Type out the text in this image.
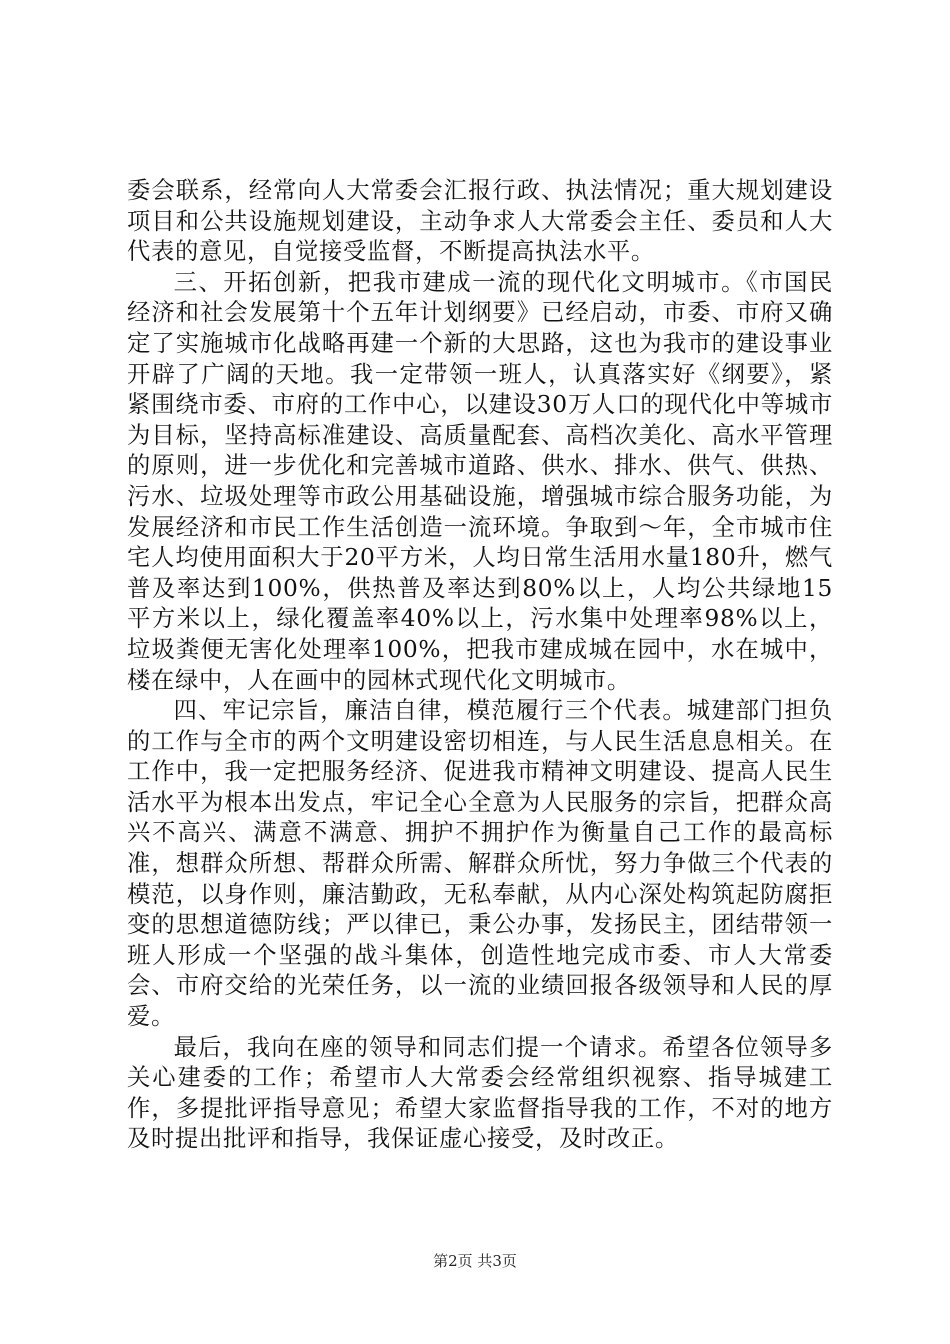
委会联系，经常向人大常委会汇报行政、执法情况；重大规划建设项目和公共设施规划建设，主动争求人大常委会主任、委员和人大代表的意见，自觉接受监督，不断提高执法水平。

三、开拓创新，把我市建成一流的现代化文明城市。《市国民经济和社会发展第十个五年计划纲要》已经启动，市委、市府又确定了实施城市化战略再建一个新的大思路，这也为我市的建设事业开辟了广阔的天地。我一定带领一班人，认真落实好《纲要》，紧紧围绕市委、市府的工作中心，以建设30万人口的现代化中等城市为目标，坚持高标准建设、高质量配套、高档次美化、高水平管理的原则，进一步优化和完善城市道路、供水、排水、供气、供热、污水、垃圾处理等市政公用基础设施，增强城市综合服务功能，为发展经济和市民工作生活创造一流环境。争取到～年，全市城市住宅人均使用面积大于20平方米，人均日常生活用水量180升，燃气普及率达到100%，供热普及率达到80%以上，人均公共绿地15平方米以上，绿化覆盖率40%以上，污水集中处理率98%以上，垃圾粪便无害化处理率100%，把我市建成城在园中，水在城中，楼在绿中，人在画中的园林式现代化文明城市。

四、牢记宗旨，廉洁自律，模范履行三个代表。城建部门担负的工作与全市的两个文明建设密切相连，与人民生活息息相关。在工作中，我一定把服务经济、促进我市精神文明建设、提高人民生活水平为根本出发点，牢记全心全意为人民服务的宗旨，把群众高兴不高兴、满意不满意、拥护不拥护作为衡量自己工作的最高标准，想群众所想、帮群众所需、解群众所忧，努力争做三个代表的模范，以身作则，廉洁勤政，无私奉献，从内心深处构筑起防腐拒变的思想道德防线；严以律已，秉公办事，发扬民主，团结带领一班人形成一个坚强的战斗集体，创造性地完成市委、市人大常委会、市府交给的光荣任务，以一流的业绩回报各级领导和人民的厚爱。

最后，我向在座的领导和同志们提一个请求。希望各位领导多关心建委的工作；希望市人大常委会经常组织视察、指导城建工作，多提批评指导意见；希望大家监督指导我的工作，不对的地方及时提出批评和指导，我保证虚心接受，及时改正。

第2页 共3页
